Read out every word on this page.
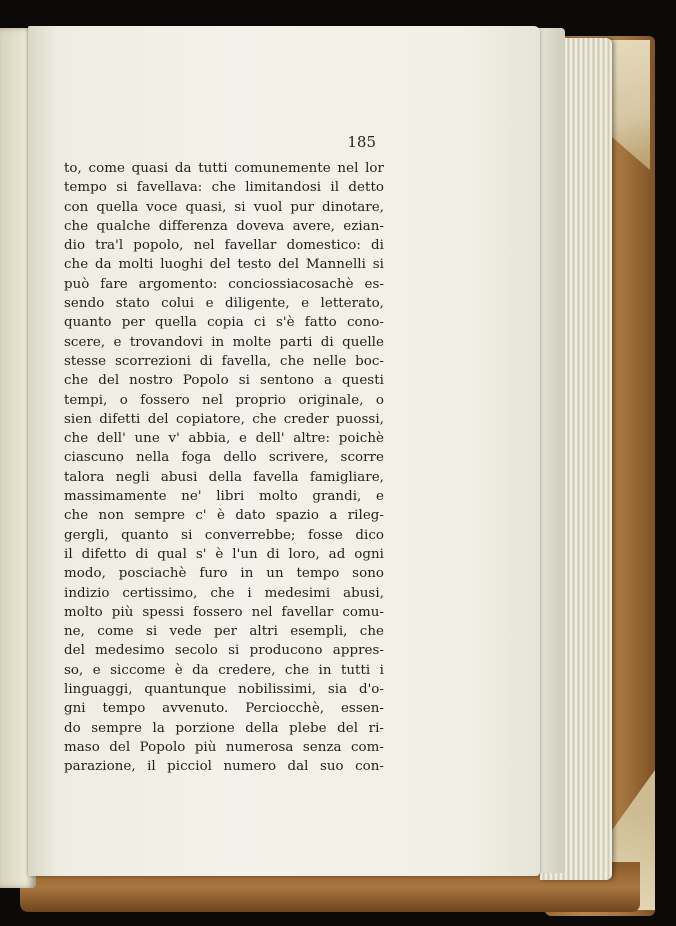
185
to, come quasi da tutti comunemente nel lor
tempo si favellava: che limitandosi il detto
con quella voce quasi, si vuol pur dinotare,
che qualche differenza doveva avere, ezian-
dio tra'l popolo, nel favellar domestico: di
che da molti luoghi del testo del Mannelli si
può fare argomento: conciossiacosachè es-
sendo stato colui e diligente, e letterato,
quanto per quella copia ci s'è fatto cono-
scere, e trovandovi in molte parti di quelle
stesse scorrezioni di favella, che nelle boc-
che del nostro Popolo si sentono a questi
tempi, o fossero nel proprio originale, o
sien difetti del copiatore, che creder puossi,
che dell' une v' abbia, e dell' altre: poichè
ciascuno nella foga dello scrivere, scorre
talora negli abusi della favella famigliare,
massimamente ne' libri molto grandi, e
che non sempre c' è dato spazio a rileg-
gergli, quanto si converrebbe; fosse dico
il difetto di qual s' è l'un di loro, ad ogni
modo, posciachè furo in un tempo sono
indizio certissimo, che i medesimi abusi,
molto più spessi fossero nel favellar comu-
ne, come si vede per altri esempli, che
del medesimo secolo si producono appres-
so, e siccome è da credere, che in tutti i
linguaggi, quantunque nobilissimi, sia d'o-
gni tempo avvenuto. Perciocchè, essen-
do sempre la porzione della plebe del ri-
maso del Popolo più numerosa senza com-
parazione, il picciol numero dal suo con-
